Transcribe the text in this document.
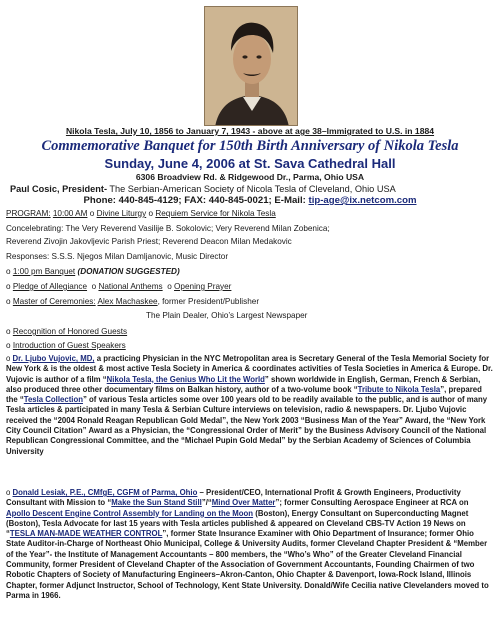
Nikola Tesla, July 10, 1856 to January 7, 1943 - above at age 38–Immigrated to U.S. in 1884
Commemorative Banquet for 150th Birth Anniversary of Nikola Tesla
Sunday, June 4, 2006 at St. Sava Cathedral Hall
6306 Broadview Rd. & Ridgewood Dr., Parma, Ohio USA
Paul Cosic, President- The Serbian-American Society of Nicola Tesla of Cleveland, Ohio USA
Phone: 440-845-4129; FAX: 440-845-0021; E-Mail: tip-age@ix.netcom.com
PROGRAM: 10:00 AM o Divine Liturgy o Requiem Service for Nikola Tesla
Concelebrating: The Very Reverend Vasilije B. Sokolovic; Very Reverend Milan Zobenica;
Reverend Zivojin Jakovljevic Parish Priest; Reverend Deacon Milan Medakovic
Responses: S.S.S. Njegos Milan Damljanovic, Music Director
o 1:00 pm Banquet (DONATION SUGGESTED)
o Pledge of Allegiance o National Anthems o Opening Prayer
o Master of Ceremonies: Alex Machaskee, former President/Publisher
The Plain Dealer, Ohio’s Largest Newspaper
o Recognition of Honored Guests
o Introduction of Guest Speakers

o Dr. Ljubo Vujovic, MD, a practicing Physician in the NYC Metropolitan area is Secretary General of the Tesla Memorial Society for New York & is the oldest & most active Tesla Society in America & coordinates activities of Tesla Societies in America & Europe. Dr. Vujovic is author of a film “Nikola Tesla, the Genius Who Lit the World” shown worldwide in English, German, French & Serbian, also produced three other documentary films on Balkan history, author of a two-volume book “Tribute to Nikola Tesla”, prepared the “Tesla Collection” of various Tesla articles some over 100 years old to be readily available to the public, and is author of many Tesla articles & participated in many Tesla & Serbian Culture interviews on television, radio & newspapers. Dr. Ljubo Vujovic received the “2004 Ronald Reagan Republican Gold Medal”, the New York 2003 “Business Man of the Year” Award, the “New York City Council Citation” Award as a Physician, the “Congressional Order of Merit” by the Business Advisory Council of the National Republican Congressional Committee, and the “Michael Pupin Gold Medal” by the Serbian Academy of Sciences of Columbia University

o Donald Lesiak, P.E., CMfgE, CGFM of Parma, Ohio – President/CEO, International Profit & Growth Engineers, Productivity Consultant with Mission to “Make the Sun Stand Still”/“Mind Over Matter”; former Consulting Aerospace Engineer at RCA on Apollo Descent Engine Control Assembly for Landing on the Moon (Boston), Energy Consultant on Superconducting Magnet (Boston), Tesla Advocate for last 15 years with Tesla articles published & appeared on Cleveland CBS-TV Action 19 News on “TESLA MAN-MADE WEATHER CONTROL”, former State Insurance Examiner with Ohio Department of Insurance; former Ohio State Auditor-in-Charge of Northeast Ohio Municipal, College & University Audits, former Cleveland Chapter President & “Member of the Year”- the Institute of Management Accountants – 800 members, the “Who’s Who” of the Greater Cleveland Financial Community, former President of Cleveland Chapter of the Association of Government Accountants, Founding Chairmen of two Robotic Chapters of Society of Manufacturing Engineers–Akron-Canton, Ohio Chapter & Davenport, Iowa-Rock Island, Illinois Chapter, former Adjunct Instructor, School of Technology, Kent State University. Donald/Wife Cecilia native Clevelanders moved to Parma in 1966.
